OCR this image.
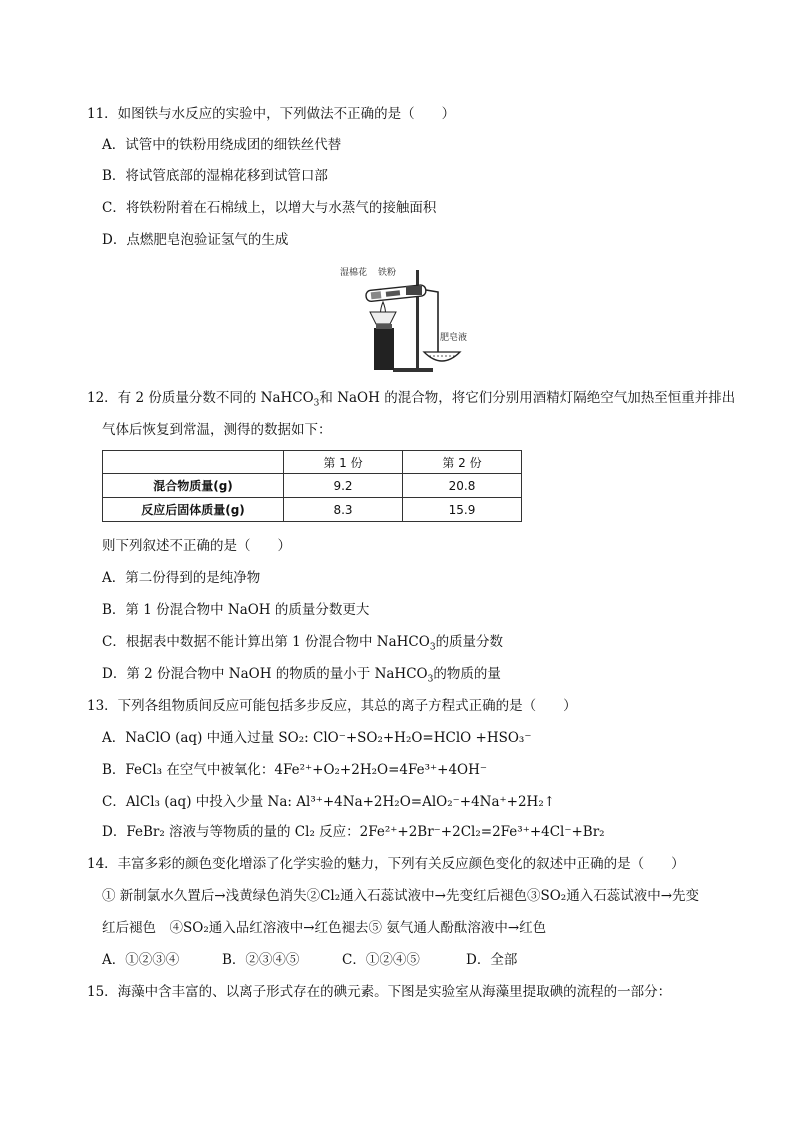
11．如图铁与水反应的实验中，下列做法不正确的是（　　）
A．试管中的铁粉用绕成团的细铁丝代替
B．将试管底部的湿棉花移到试管口部
C．将铁粉附着在石棉绒上，以增大与水蒸气的接触面积
D．点燃肥皂泡验证氢气的生成
湿棉花 铁粉
肥皂液
12．有 2 份质量分数不同的 NaHCO$_3$和 NaOH 的混合物，将它们分别用酒精灯隔绝空气加热至恒重并排出
气体后恢复到常温，测得的数据如下：
	第 1 份	第 2 份
混合物质量(g)	9.2	20.8
反应后固体质量(g)	8.3	15.9
则下列叙述不正确的是（　　）
A．第二份得到的是纯净物
B．第 1 份混合物中 NaOH 的质量分数更大
C．根据表中数据不能计算出第 1 份混合物中 NaHCO$_3$的质量分数
D．第 2 份混合物中 NaOH 的物质的量小于 NaHCO$_3$的物质的量
13．下列各组物质间反应可能包括多步反应，其总的离子方程式正确的是（　　）
A．NaClO (aq) 中通入过量 SO₂: ClO⁻+SO₂+H₂O=HClO +HSO₃⁻
B．FeCl₃ 在空气中被氧化：4Fe²⁺+O₂+2H₂O=4Fe³⁺+4OH⁻
C．AlCl₃ (aq) 中投入少量 Na: Al³⁺+4Na+2H₂O=AlO₂⁻+4Na⁺+2H₂↑
D．FeBr₂ 溶液与等物质的量的 Cl₂ 反应：2Fe²⁺+2Br⁻+2Cl₂=2Fe³⁺+4Cl⁻+Br₂
14．丰富多彩的颜色变化增添了化学实验的魅力，下列有关反应颜色变化的叙述中正确的是（　　）
① 新制氯水久置后→浅黄绿色消失②Cl₂通入石蕊试液中→先变红后褪色③SO₂通入石蕊试液中→先变
红后褪色　④SO₂通入品红溶液中→红色褪去⑤ 氨气通人酚酞溶液中→红色
A．①②③④	B．②③④⑤	C．①②④⑤	D．全部
15．海藻中含丰富的、以离子形式存在的碘元素。下图是实验室从海藻里提取碘的流程的一部分：
